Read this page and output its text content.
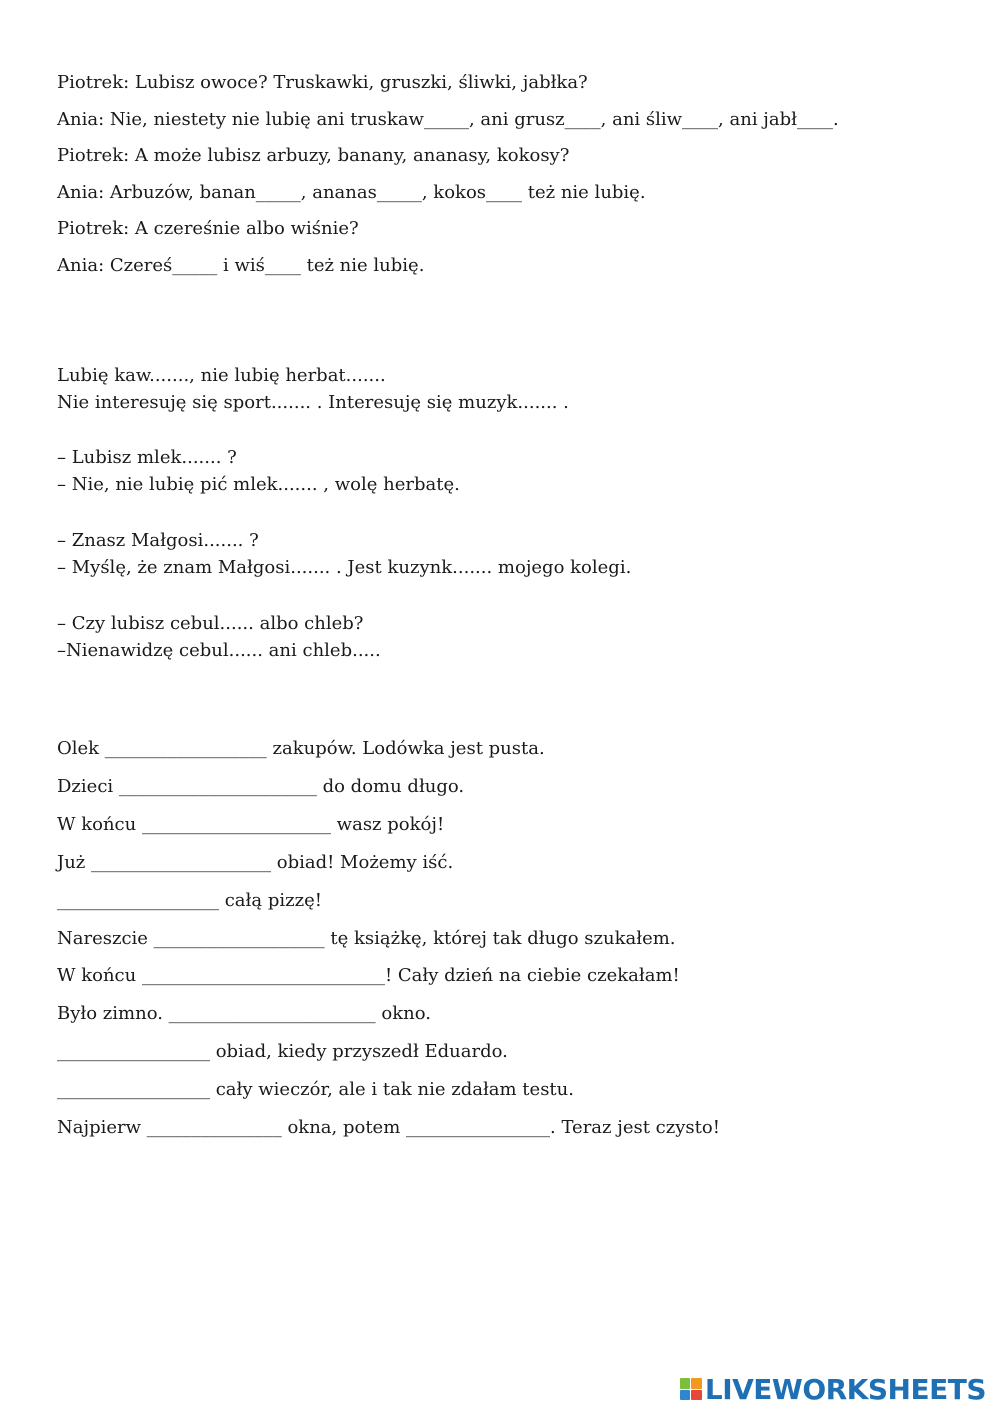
Piotrek: Lubisz owoce? Truskawki, gruszki, śliwki, jabłka?

Ania: Nie, niestety nie lubię ani truskaw_____, ani grusz____, ani śliw____, ani jabł____.

Piotrek: A może lubisz arbuzy, banany, ananasy, kokosy?

Ania: Arbuzów, banan_____, ananas_____, kokos____ też nie lubię.

Piotrek: A czereśnie albo wiśnie?

Ania: Czereś_____ i wiś____ też nie lubię.

Lubię kaw......., nie lubię herbat.......

Nie interesuję się sport....... . Interesuję się muzyk....... .

– Lubisz mlek....... ?

– Nie, nie lubię pić mlek....... , wolę herbatę.

– Znasz Małgosi....... ?

– Myślę, że znam Małgosi....... . Jest kuzynk....... mojego kolegi.

– Czy lubisz cebul...... albo chleb?

–Nienawidzę cebul...... ani chleb.....

Olek __________________ zakupów. Lodówka jest pusta.

Dzieci ______________________ do domu długo.

W końcu _____________________ wasz pokój!

Już ____________________ obiad! Możemy iść.

__________________ całą pizzę!

Nareszcie ___________________ tę książkę, której tak długo szukałem.

W końcu ___________________________! Cały dzień na ciebie czekałam!

Było zimno. _______________________ okno.

_________________ obiad, kiedy przyszedł Eduardo.

_________________ cały wieczór, ale i tak nie zdałam testu.

Najpierw _______________ okna, potem ________________. Teraz jest czysto!

LIVEWORKSHEETS
